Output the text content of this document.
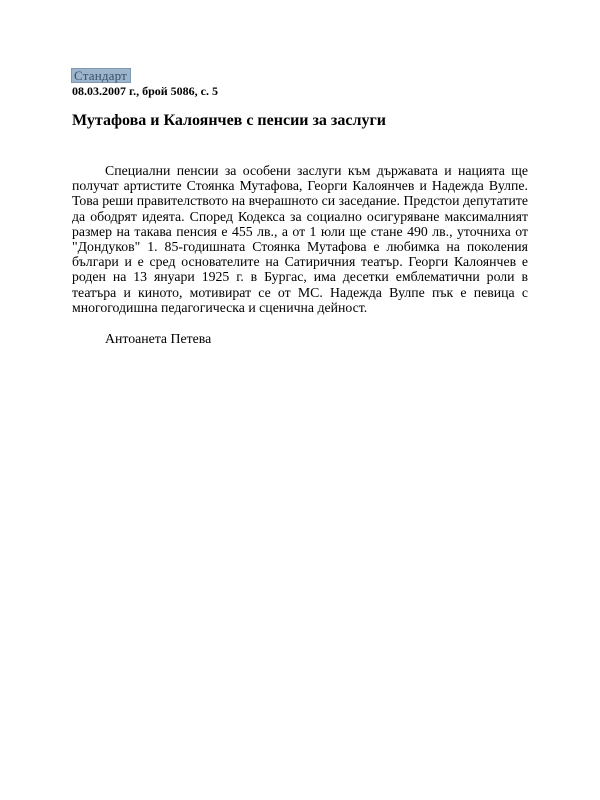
Стандарт
08.03.2007 г., брой 5086, с. 5
Мутафова и Калоянчев с пенсии за заслуги

Специални пенсии за особени заслуги към държавата и нацията ще получат артистите Стоянка Мутафова, Георги Калоянчев и Надежда Вулпе. Това реши правителството на вчерашното си заседание. Предстои депутатите да ободрят идеята. Според Кодекса за социално осигуряване максималният размер на такава пенсия е 455 лв., а от 1 юли ще стане 490 лв., уточниха от "Дондуков" 1. 85-годишната Стоянка Мутафова е любимка на поколения българи и е сред основателите на Сатиричния театър. Георги Калоянчев е роден на 13 януари 1925 г. в Бургас, има десетки емблематични роли в театъра и киното, мотивират се от МС. Надежда Вулпе пък е певица с многогодишна педагогическа и сценична дейност.

Антоанета Петева
